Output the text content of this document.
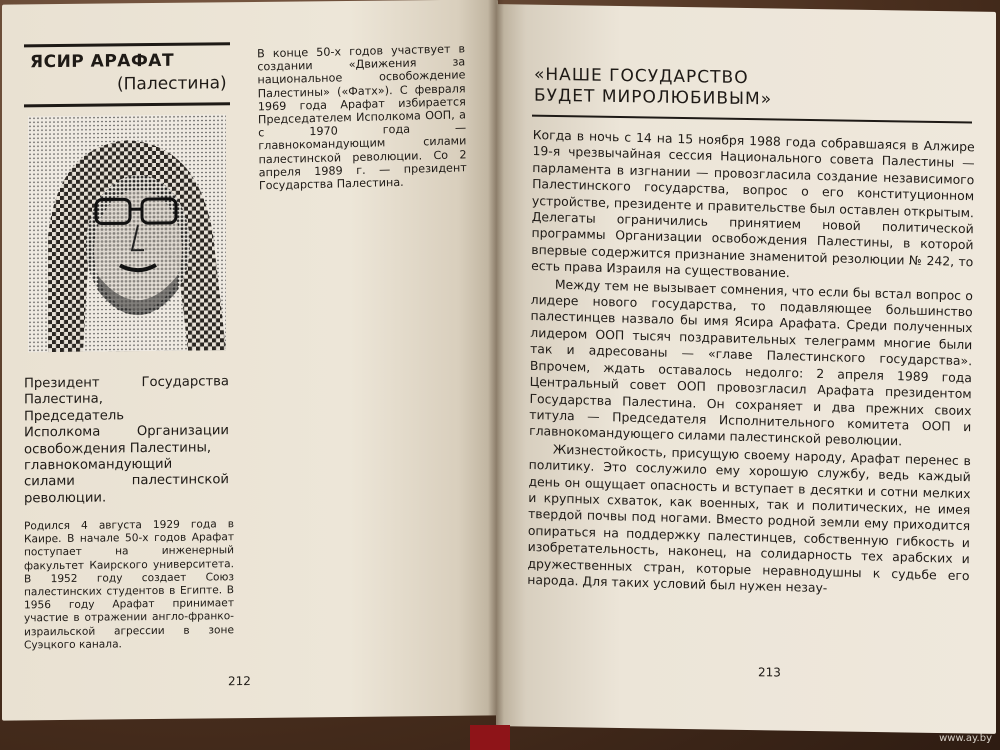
ЯСИР АРАФАТ
(Палестина)
В конце 50-х годов участвует в создании «Движения за национальное освобождение Палестины» («Фатх»). С февраля 1969 года Арафат избирается Председателем Исполкома ООП, а с 1970 года — главнокомандующим силами палестинской революции. Со 2 апреля 1989 г. — президент Государства Палестина.
Президент Государства Палестина,
Председатель
Исполкома Организации освобождения Палестины,
главнокомандующий
силами палестинской революции.
Родился 4 августа 1929 года в Каире. В начале 50-х годов Арафат поступает на инженерный факультет Каирского университета. В 1952 году создает Союз палестинских студентов в Египте. В 1956 году Арафат принимает участие в отражении англо-франко-израильской агрессии в зоне Суэцкого канала.
212
«НАШЕ ГОСУДАРСТВО
БУДЕТ МИРОЛЮБИВЫМ»

Когда в ночь с 14 на 15 ноября 1988 года собравшаяся в Алжире 19-я чрезвычайная сессия Национального совета Палестины — парламента в изгнании — провозгласила создание независимого Палестинского государства, вопрос о его конституционном устройстве, президенте и правительстве был оставлен открытым. Делегаты ограничились принятием новой политической программы Организации освобождения Палестины, в которой впервые содержится признание знаменитой резолюции № 242, то есть права Израиля на существование.

Между тем не вызывает сомнения, что если бы встал вопрос о лидере нового государства, то подавляющее большинство палестинцев назвало бы имя Ясира Арафата. Среди полученных лидером ООП тысяч поздравительных телеграмм многие были так и адресованы — «главе Палестинского государства». Впрочем, ждать оставалось недолго: 2 апреля 1989 года Центральный совет ООП провозгласил Арафата президентом Государства Палестина. Он сохраняет и два прежних своих титула — Председателя Исполнительного комитета ООП и главнокомандующего силами палестинской революции.

Жизнестойкость, присущую своему народу, Арафат перенес в политику. Это сослужило ему хорошую службу, ведь каждый день он ощущает опасность и вступает в десятки и сотни мелких и крупных схваток, как военных, так и политических, не имея твердой почвы под ногами. Вместо родной земли ему приходится опираться на поддержку палестинцев, собственную гибкость и изобретательность, наконец, на солидарность тех арабских и дружественных стран, которые неравнодушны к судьбе его народа. Для таких условий был нужен незау-

213
www.ay.by
